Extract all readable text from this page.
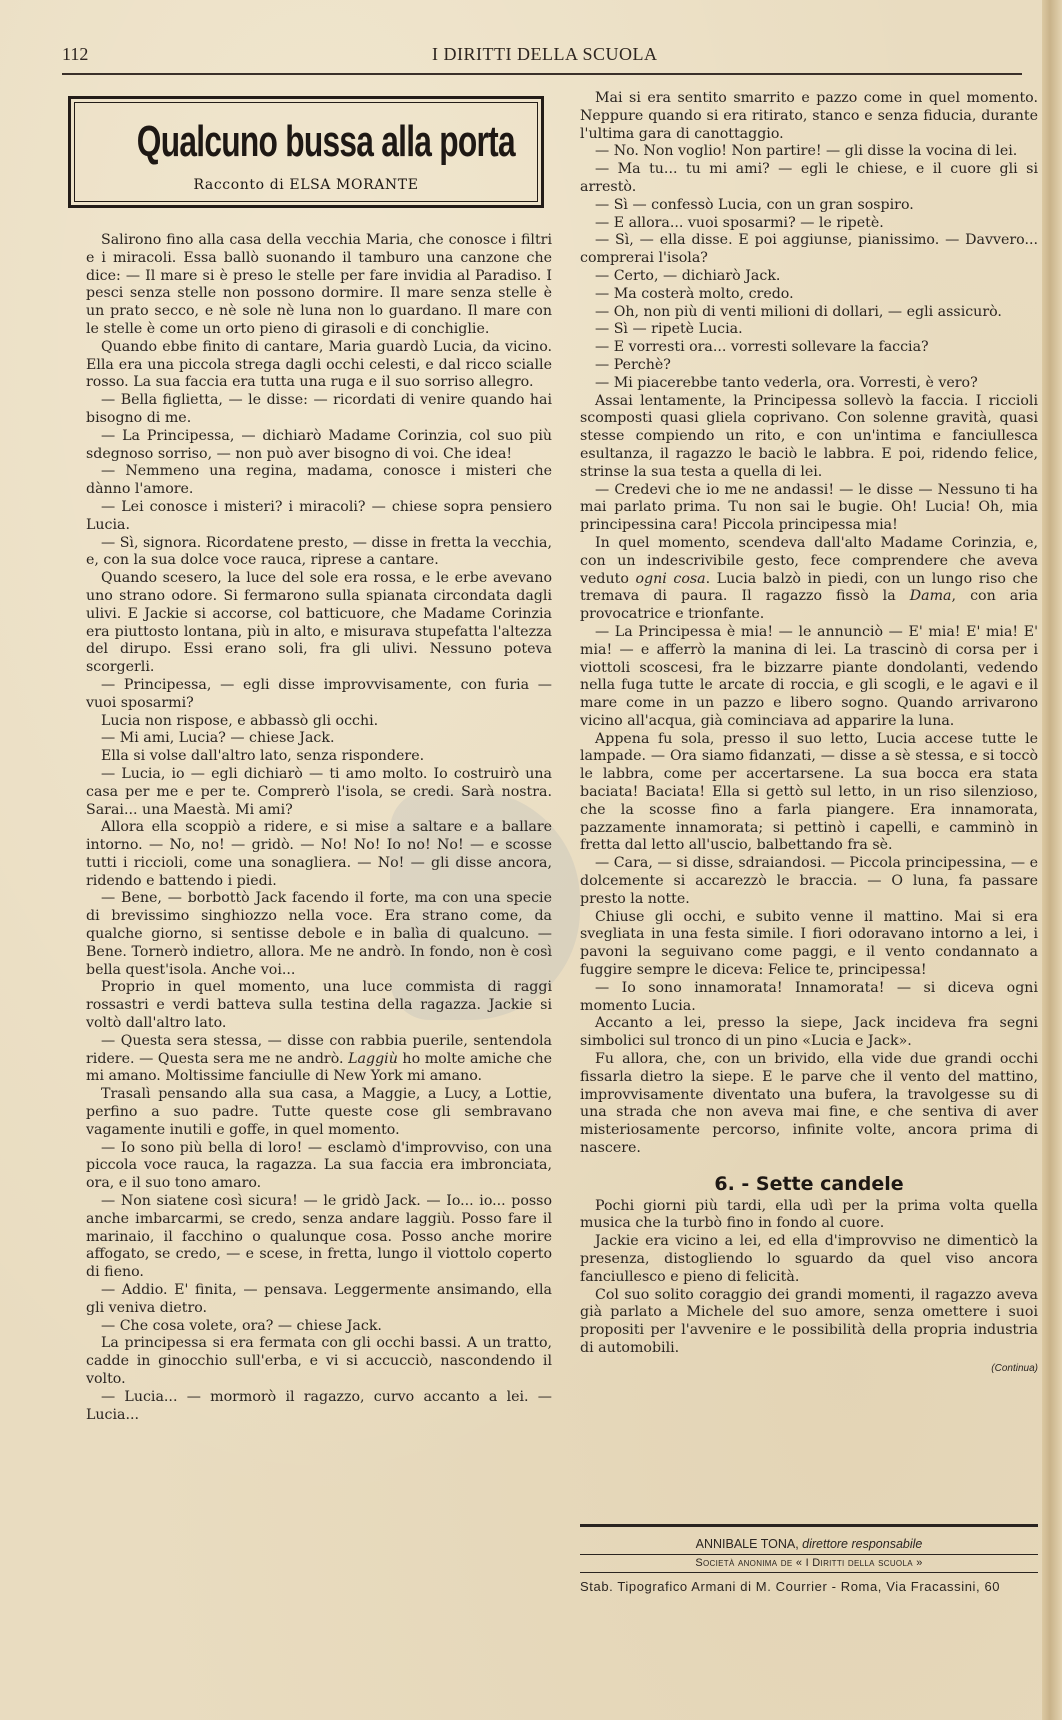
112	I DIRITTI DELLA SCUOLA
Qualcuno bussa alla porta
Racconto di ELSA MORANTE

Salirono fino alla casa della vecchia Maria, che conosce i filtri e i miracoli. Essa ballò suonando il tamburo una canzone che dice: — Il mare si è preso le stelle per fare invidia al Paradiso. I pesci senza stelle non possono dormire. Il mare senza stelle è un prato secco, e nè sole nè luna non lo guardano. Il mare con le stelle è come un orto pieno di girasoli e di conchiglie.

Quando ebbe finito di cantare, Maria guardò Lucia, da vicino. Ella era una piccola strega dagli occhi celesti, e dal ricco scialle rosso. La sua faccia era tutta una ruga e il suo sorriso allegro.

— Bella figlietta, — le disse: — ricordati di venire quando hai bisogno di me.

— La Principessa, — dichiarò Madame Corinzia, col suo più sdegnoso sorriso, — non può aver bisogno di voi. Che idea!

— Nemmeno una regina, madama, conosce i misteri che dànno l'amore.

— Lei conosce i misteri? i miracoli? — chiese sopra pensiero Lucia.

— Sì, signora. Ricordatene presto, — disse in fretta la vecchia, e, con la sua dolce voce rauca, riprese a cantare.

Quando scesero, la luce del sole era rossa, e le erbe avevano uno strano odore. Si fermarono sulla spianata circondata dagli ulivi. E Jackie si accorse, col batticuore, che Madame Corinzia era piuttosto lontana, più in alto, e misurava stupefatta l'altezza del dirupo. Essi erano soli, fra gli ulivi. Nessuno poteva scorgerli.

— Principessa, — egli disse improvvisamente, con furia — vuoi sposarmi?

Lucia non rispose, e abbassò gli occhi.

— Mi ami, Lucia? — chiese Jack.

Ella si volse dall'altro lato, senza rispondere.

— Lucia, io — egli dichiarò — ti amo molto. Io costruirò una casa per me e per te. Comprerò l'isola, se credi. Sarà nostra. Sarai... una Maestà. Mi ami?

Allora ella scoppiò a ridere, e si mise a saltare e a ballare intorno. — No, no! — gridò. — No! No! Io no! No! — e scosse tutti i riccioli, come una sonagliera. — No! — gli disse ancora, ridendo e battendo i piedi.

— Bene, — borbottò Jack facendo il forte, ma con una specie di brevissimo singhiozzo nella voce. Era strano come, da qualche giorno, si sentisse debole e in balìa di qualcuno. — Bene. Tornerò indietro, allora. Me ne andrò. In fondo, non è così bella quest'isola. Anche voi...

Proprio in quel momento, una luce commista di raggi rossastri e verdi batteva sulla testina della ragazza. Jackie si voltò dall'altro lato.

— Questa sera stessa, — disse con rabbia puerile, sentendola ridere. — Questa sera me ne andrò. Laggiù ho molte amiche che mi amano. Moltissime fanciulle di New York mi amano.

Trasalì pensando alla sua casa, a Maggie, a Lucy, a Lottie, perfino a suo padre. Tutte queste cose gli sembravano vagamente inutili e goffe, in quel momento.

— Io sono più bella di loro! — esclamò d'improvviso, con una piccola voce rauca, la ragazza. La sua faccia era imbronciata, ora, e il suo tono amaro.

— Non siatene così sicura! — le gridò Jack. — Io... io... posso anche imbarcarmi, se credo, senza andare laggiù. Posso fare il marinaio, il facchino o qualunque cosa. Posso anche morire affogato, se credo, — e scese, in fretta, lungo il viottolo coperto di fieno.

— Addio. E' finita, — pensava. Leggermente ansimando, ella gli veniva dietro.

— Che cosa volete, ora? — chiese Jack.

La principessa si era fermata con gli occhi bassi. A un tratto, cadde in ginocchio sull'erba, e vi si accucciò, nascondendo il volto.

— Lucia... — mormorò il ragazzo, curvo accanto a lei. — Lucia...

Mai si era sentito smarrito e pazzo come in quel momento. Neppure quando si era ritirato, stanco e senza fiducia, durante l'ultima gara di canottaggio.

— No. Non voglio! Non partire! — gli disse la vocina di lei.

— Ma tu... tu mi ami? — egli le chiese, e il cuore gli si arrestò.

— Sì — confessò Lucia, con un gran sospiro.

— E allora... vuoi sposarmi? — le ripetè.

— Sì, — ella disse. E poi aggiunse, pianissimo. — Davvero... comprerai l'isola?

— Certo, — dichiarò Jack.

— Ma costerà molto, credo.

— Oh, non più di venti milioni di dollari, — egli assicurò.

— Sì — ripetè Lucia.

— E vorresti ora... vorresti sollevare la faccia?

— Perchè?

— Mi piacerebbe tanto vederla, ora. Vorresti, è vero?

Assai lentamente, la Principessa sollevò la faccia. I riccioli scomposti quasi gliela coprivano. Con solenne gravità, quasi stesse compiendo un rito, e con un'intima e fanciullesca esultanza, il ragazzo le baciò le labbra. E poi, ridendo felice, strinse la sua testa a quella di lei.

— Credevi che io me ne andassi! — le disse — Nessuno ti ha mai parlato prima. Tu non sai le bugie. Oh! Lucia! Oh, mia principessina cara! Piccola principessa mia!

In quel momento, scendeva dall'alto Madame Corinzia, e, con un indescrivibile gesto, fece comprendere che aveva veduto ogni cosa. Lucia balzò in piedi, con un lungo riso che tremava di paura. Il ragazzo fissò la Dama, con aria provocatrice e trionfante.

— La Principessa è mia! — le annunciò — E' mia! E' mia! E' mia! — e afferrò la manina di lei. La trascinò di corsa per i viottoli scoscesi, fra le bizzarre piante dondolanti, vedendo nella fuga tutte le arcate di roccia, e gli scogli, e le agavi e il mare come in un pazzo e libero sogno. Quando arrivarono vicino all'acqua, già cominciava ad apparire la luna.

Appena fu sola, presso il suo letto, Lucia accese tutte le lampade. — Ora siamo fidanzati, — disse a sè stessa, e si toccò le labbra, come per accertarsene. La sua bocca era stata baciata! Baciata! Ella si gettò sul letto, in un riso silenzioso, che la scosse fino a farla piangere. Era innamorata, pazzamente innamorata; si pettinò i capelli, e camminò in fretta dal letto all'uscio, balbettando fra sè.

— Cara, — si disse, sdraiandosi. — Piccola principessina, — e dolcemente si accarezzò le braccia. — O luna, fa passare presto la notte.

Chiuse gli occhi, e subito venne il mattino. Mai si era svegliata in una festa simile. I fiori odoravano intorno a lei, i pavoni la seguivano come paggi, e il vento condannato a fuggire sempre le diceva: Felice te, principessa!

— Io sono innamorata! Innamorata! — si diceva ogni momento Lucia.

Accanto a lei, presso la siepe, Jack incideva fra segni simbolici sul tronco di un pino «Lucia e Jack».

Fu allora, che, con un brivido, ella vide due grandi occhi fissarla dietro la siepe. E le parve che il vento del mattino, improvvisamente diventato una bufera, la travolgesse su di una strada che non aveva mai fine, e che sentiva di aver misteriosamente percorso, infinite volte, ancora prima di nascere.

6. - Sette candele

Pochi giorni più tardi, ella udì per la prima volta quella musica che la turbò fino in fondo al cuore.

Jackie era vicino a lei, ed ella d'improvviso ne dimenticò la presenza, distogliendo lo sguardo da quel viso ancora fanciullesco e pieno di felicità.

Col suo solito coraggio dei grandi momenti, il ragazzo aveva già parlato a Michele del suo amore, senza omettere i suoi propositi per l'avvenire e le possibilità della propria industria di automobili.

(Continua)
ANNIBALE TONA, direttore responsabile
Società anonima de « I Diritti della scuola »
Stab. Tipografico Armani di M. Courrier - Roma, Via Fracassini, 60
